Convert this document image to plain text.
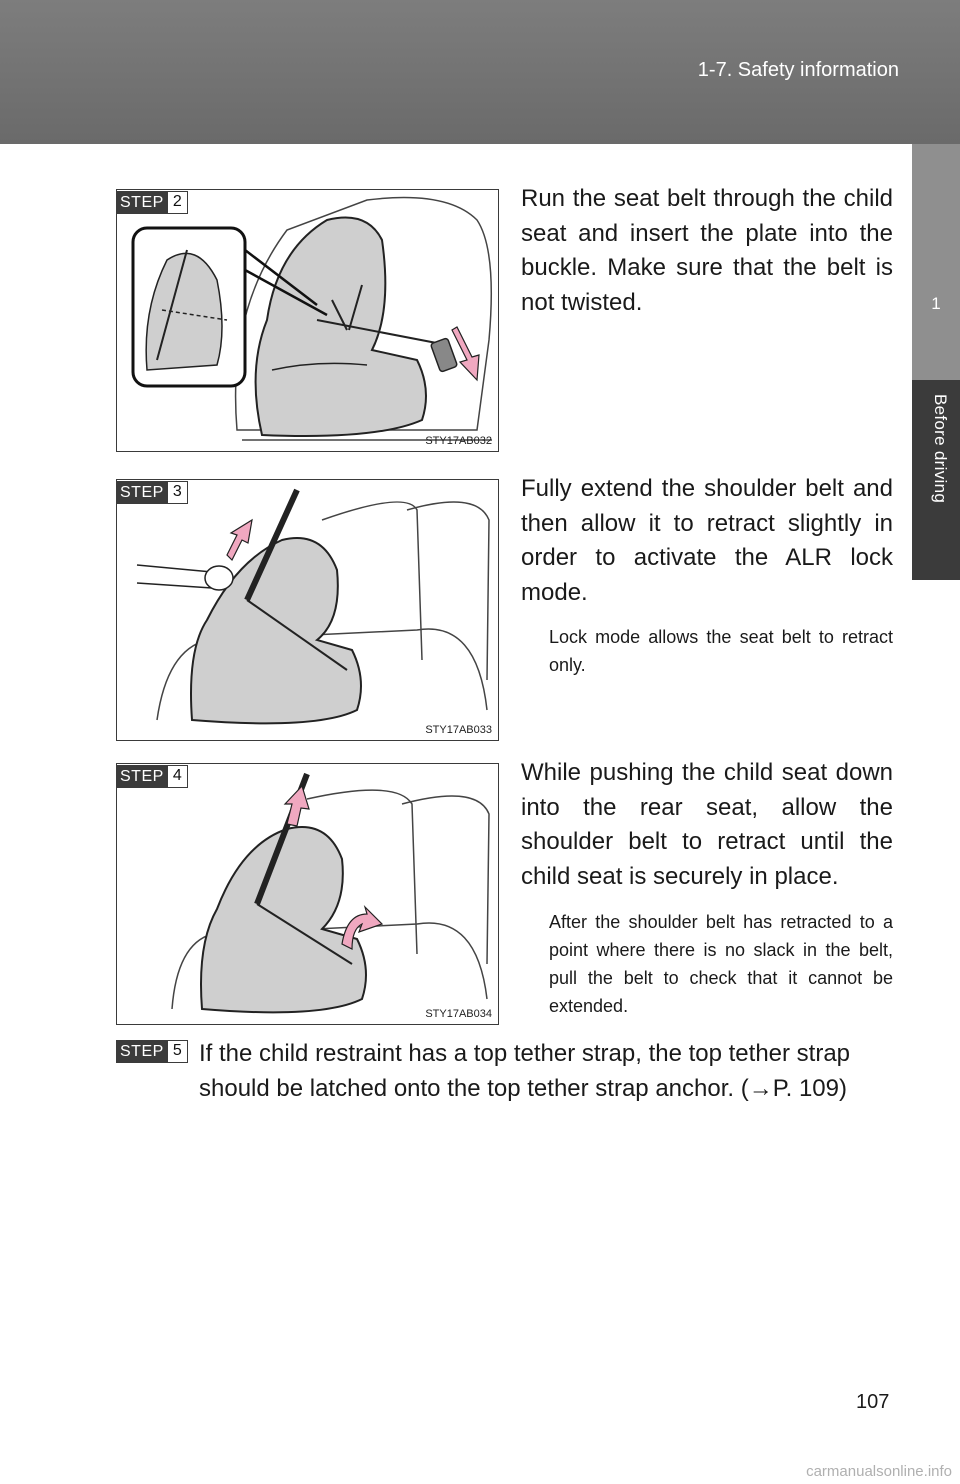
1-7. Safety information
1
Before driving
STEP 2
STY17AB032
Run the seat belt through the child seat and insert the plate into the buckle. Make sure that the belt is not twisted.
STEP 3
STY17AB033
Fully extend the shoulder belt and then allow it to retract slightly in order to activate the ALR lock mode.
Lock mode allows the seat belt to retract only.
STEP 4
STY17AB034
While pushing the child seat down into the rear seat, allow the shoulder belt to retract until the child seat is securely in place.
After the shoulder belt has retracted to a point where there is no slack in the belt, pull the belt to check that it cannot be extended.
STEP 5 If the child restraint has a top tether strap, the top tether strap should be latched onto the top tether strap anchor. (→P. 109)
107
carmanualsonline.info
